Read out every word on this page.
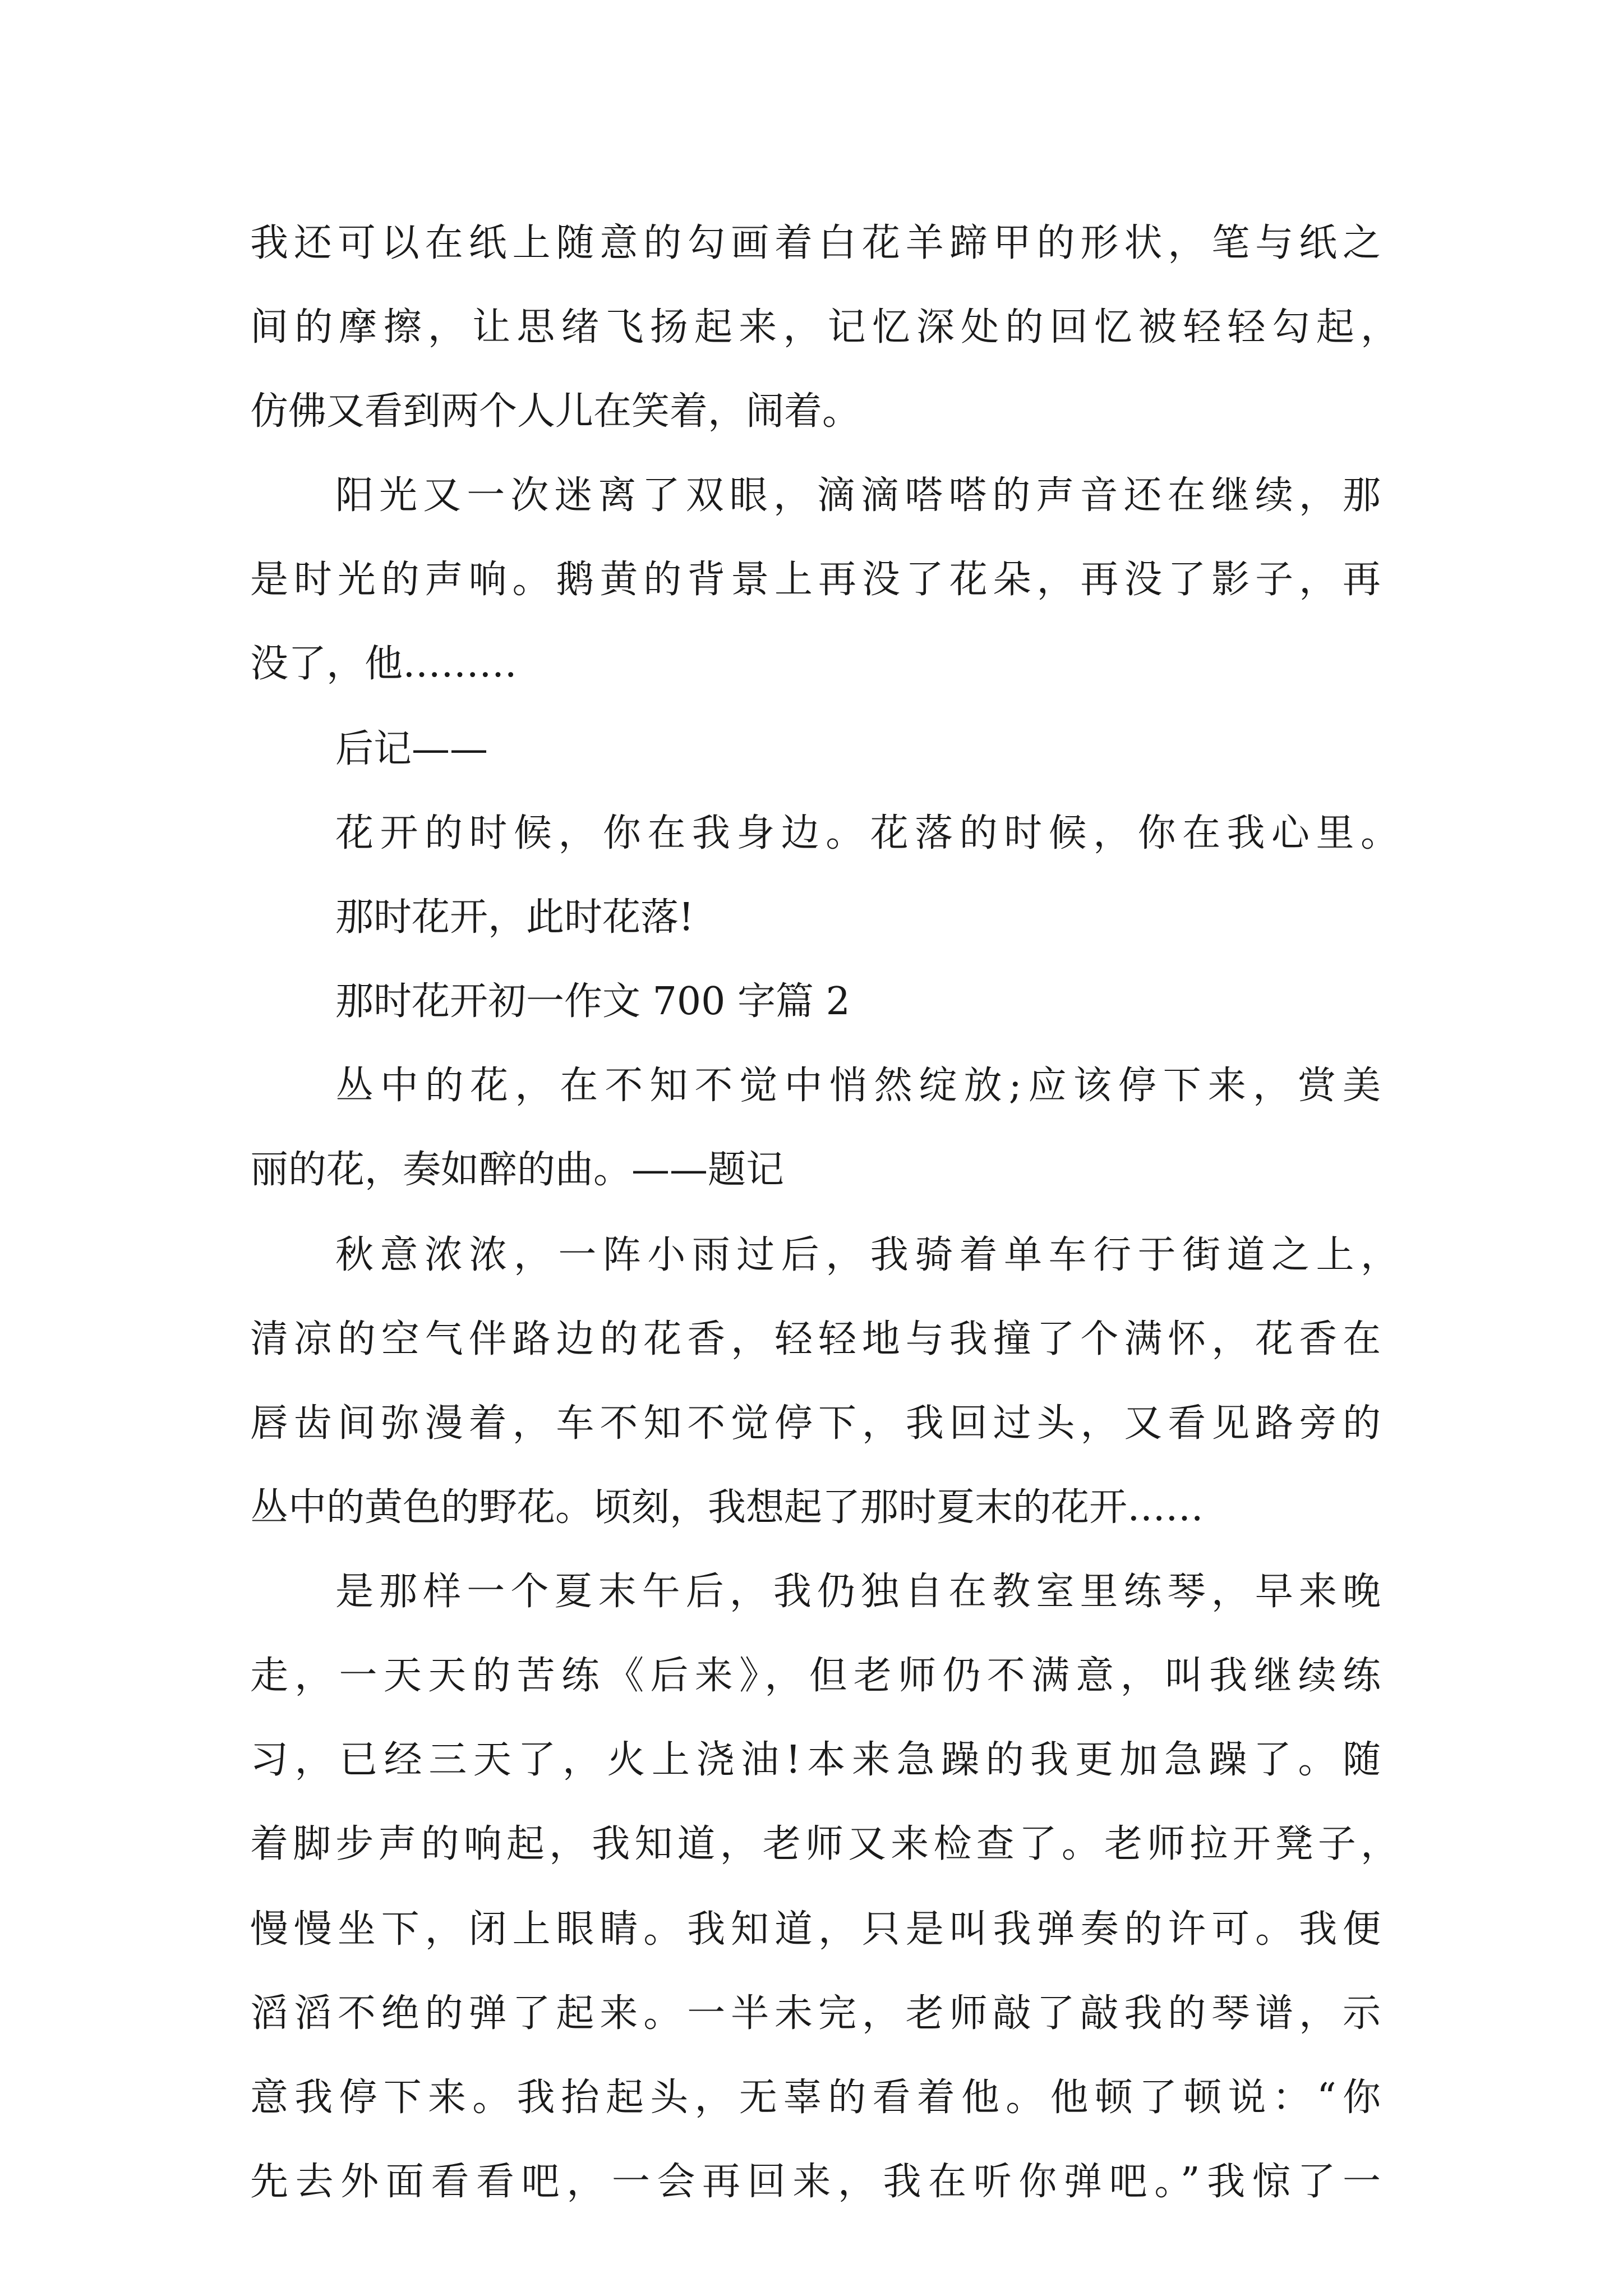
我还可以在纸上随意的勾画着白花羊蹄甲的形状，笔与纸之
间的摩擦，让思绪飞扬起来，记忆深处的回忆被轻轻勾起，
仿佛又看到两个人儿在笑着，闹着。
阳光又一次迷离了双眼，滴滴嗒嗒的声音还在继续，那
是时光的声响。鹅黄的背景上再没了花朵，再没了影子，再
没了，他………
后记——
花开的时候，你在我身边。花落的时候，你在我心里。
那时花开，此时花落!
那时花开初一作文 700 字篇 2
丛中的花，在不知不觉中悄然绽放;应该停下来，赏美
丽的花，奏如醉的曲。——题记
秋意浓浓，一阵小雨过后，我骑着单车行于街道之上，
清凉的空气伴路边的花香，轻轻地与我撞了个满怀，花香在
唇齿间弥漫着，车不知不觉停下，我回过头，又看见路旁的
丛中的黄色的野花。顷刻，我想起了那时夏末的花开……
是那样一个夏末午后，我仍独自在教室里练琴，早来晚
走，一天天的苦练《后来》，但老师仍不满意，叫我继续练
习，已经三天了，火上浇油!本来急躁的我更加急躁了。随
着脚步声的响起，我知道，老师又来检查了。老师拉开凳子，
慢慢坐下，闭上眼睛。我知道，只是叫我弹奏的许可。我便
滔滔不绝的弹了起来。一半未完，老师敲了敲我的琴谱，示
意我停下来。我抬起头，无辜的看着他。他顿了顿说：“你
先去外面看看吧，一会再回来，我在听你弹吧。”我惊了一
